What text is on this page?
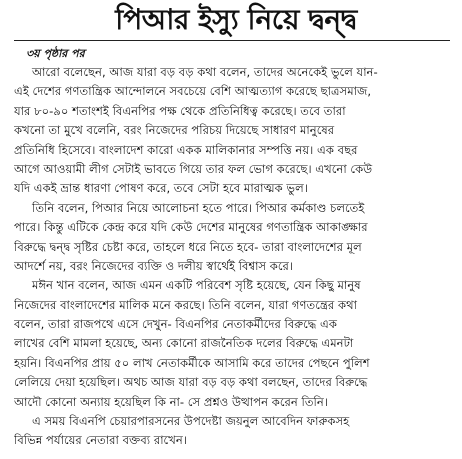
পিআর ইস্যু নিয়ে দ্বন্দ্ব
৩য় পৃষ্ঠার পর
আরো বলেছেন, আজ যারা বড় বড় কথা বলেন, তাদের অনেকেই ভুলে যান-
এই দেশের গণতান্ত্রিক আন্দোলনে সবচেয়ে বেশি আত্মত্যাগ করেছে ছাত্রসমাজ,
যার ৮০-৯০ শতাংশই বিএনপির পক্ষ থেকে প্রতিনিধিত্ব করেছে। তবে তারা
কখনো তা মুখে বলেনি, বরং নিজেদের পরিচয় দিয়েছে সাধারণ মানুষের
প্রতিনিধি হিসেবে। বাংলাদেশ কারো একক মালিকানার সম্পত্তি নয়। এক বছর
আগে আওয়ামী লীগ সেটাই ভাবতে গিয়ে তার ফল ভোগ করেছে। এখনো কেউ
যদি একই ভ্রান্ত ধারণা পোষণ করে, তবে সেটা হবে মারাত্মক ভুল।
তিনি বলেন, পিআর নিয়ে আলোচনা হতে পারে। পিআর কর্মকাণ্ড চলতেই
পারে। কিন্তু এটিকে কেন্দ্র করে যদি কেউ দেশের মানুষের গণতান্ত্রিক আকাঙ্ক্ষার
বিরুদ্ধে দ্বন্দ্ব সৃষ্টির চেষ্টা করে, তাহলে ধরে নিতে হবে- তারা বাংলাদেশের মূল
আদর্শে নয়, বরং নিজেদের ব্যক্তি ও দলীয় স্বার্থেই বিশ্বাস করে।
মঈন খান বলেন, আজ এমন একটি পরিবেশ সৃষ্টি হয়েছে, যেন কিছু মানুষ
নিজেদের বাংলাদেশের মালিক মনে করছে। তিনি বলেন, যারা গণতন্ত্রের কথা
বলেন, তারা রাজপথে এসে দেখুন- বিএনপির নেতাকর্মীদের বিরুদ্ধে এক
লাখের বেশি মামলা হয়েছে, অন্য কোনো রাজনৈতিক দলের বিরুদ্ধে এমনটা
হয়নি। বিএনপির প্রায় ৫০ লাখ নেতাকর্মীকে আসামি করে তাদের পেছনে পুলিশ
লেলিয়ে দেয়া হয়েছিল। অথচ আজ যারা বড় বড় কথা বলছেন, তাদের বিরুদ্ধে
আদৌ কোনো অন্যায় হয়েছিল কি না- সে প্রশ্নও উত্থাপন করেন তিনি।
এ সময় বিএনপি চেয়ারপারসনের উপদেষ্টা জয়নুল আবেদিন ফারুকসহ
বিভিন্ন পর্যায়ের নেতারা বক্তব্য রাখেন।
